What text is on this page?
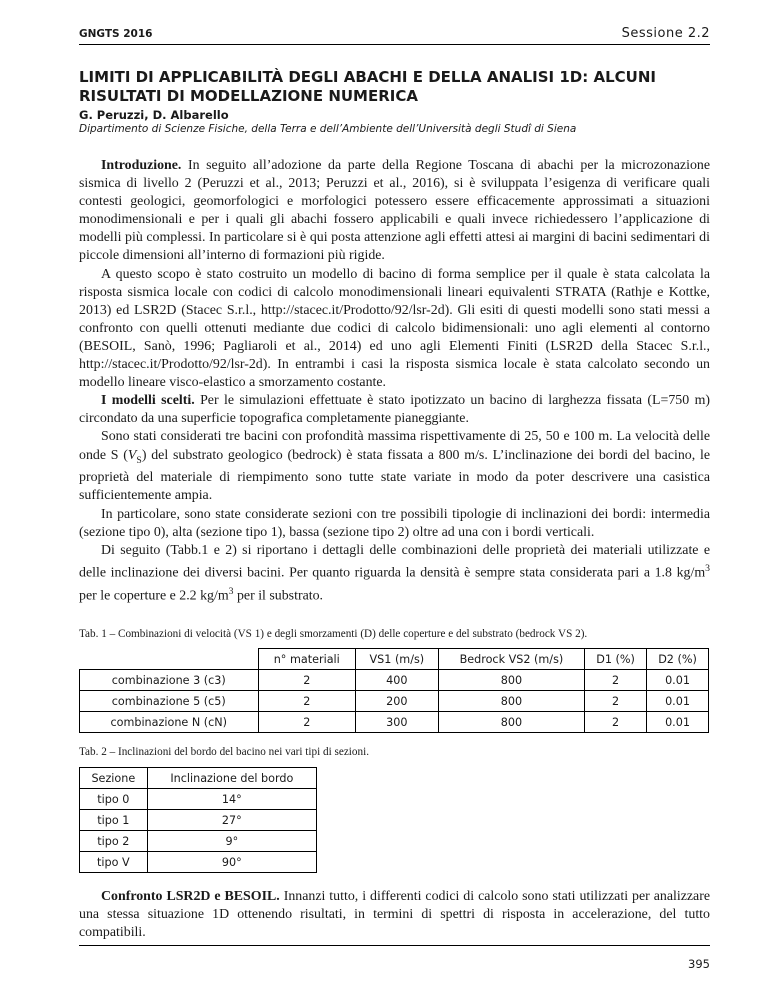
GNGTS 2016	Sessione 2.2
LIMITI DI APPLICABILITÀ DEGLI ABACHI E DELLA ANALISI 1D: ALCUNI RISULTATI DI MODELLAZIONE NUMERICA
G. Peruzzi, D. Albarello
Dipartimento di Scienze Fisiche, della Terra e dell’Ambiente dell’Università degli Studî di Siena

Introduzione. In seguito all’adozione da parte della Regione Toscana di abachi per la microzonazione sismica di livello 2 (Peruzzi et al., 2013; Peruzzi et al., 2016), si è sviluppata l’esigenza di verificare quali contesti geologici, geomorfologici e morfologici potessero essere efficacemente approssimati a situazioni monodimensionali e per i quali gli abachi fossero applicabili e quali invece richiedessero l’applicazione di modelli più complessi. In particolare si è qui posta attenzione agli effetti attesi ai margini di bacini sedimentari di piccole dimensioni all’interno di formazioni più rigide.

A questo scopo è stato costruito un modello di bacino di forma semplice per il quale è stata calcolata la risposta sismica locale con codici di calcolo monodimensionali lineari equivalenti STRATA (Rathje e Kottke, 2013) ed LSR2D (Stacec S.r.l., http://stacec.it/Prodotto/92/lsr-2d). Gli esiti di questi modelli sono stati messi a confronto con quelli ottenuti mediante due codici di calcolo bidimensionali: uno agli elementi al contorno (BESOIL, Sanò, 1996; Pagliaroli et al., 2014) ed uno agli Elementi Finiti (LSR2D della Stacec S.r.l., http://stacec.it/Prodotto/92/lsr-2d). In entrambi i casi la risposta sismica locale è stata calcolato secondo un modello lineare visco-elastico a smorzamento costante.

I modelli scelti. Per le simulazioni effettuate è stato ipotizzato un bacino di larghezza fissata (L=750 m) circondato da una superficie topografica completamente pianeggiante.

Sono stati considerati tre bacini con profondità massima rispettivamente di 25, 50 e 100 m. La velocità delle onde S $(V_S)$ del substrato geologico (bedrock) è stata fissata a 800 m/s. L’inclinazione dei bordi del bacino, le proprietà del materiale di riempimento sono tutte state variate in modo da poter descrivere una casistica sufficientemente ampia.

In particolare, sono state considerate sezioni con tre possibili tipologie di inclinazioni dei bordi: intermedia (sezione tipo 0), alta (sezione tipo 1), bassa (sezione tipo 2) oltre ad una con i bordi verticali.

Di seguito (Tabb.1 e 2) si riportano i dettagli delle combinazioni delle proprietà dei materiali utilizzate e delle inclinazione dei diversi bacini. Per quanto riguarda la densità è sempre stata considerata pari a 1.8 $kg/m^3$ per le coperture e 2.2 $kg/m^3$ per il substrato.

Tab. 1 – Combinazioni di velocità (VS 1) e degli smorzamenti (D) delle coperture e del substrato (bedrock VS 2).
	n° materiali	VS1 (m/s)	Bedrock VS2 (m/s)	D1 (%)	D2 (%)
combinazione 3 (c3)	2	400	800	2	0.01
combinazione 5 (c5)	2	200	800	2	0.01
combinazione N (cN)	2	300	800	2	0.01
Tab. 2 – Inclinazioni del bordo del bacino nei vari tipi di sezioni.
Sezione	Inclinazione del bordo
tipo 0	14°
tipo 1	27°
tipo 2	9°
tipo V	90°

Confronto LSR2D e BESOIL. Innanzi tutto, i differenti codici di calcolo sono stati utilizzati per analizzare una stessa situazione 1D ottenendo risultati, in termini di spettri di risposta in accelerazione, del tutto compatibili.

395
